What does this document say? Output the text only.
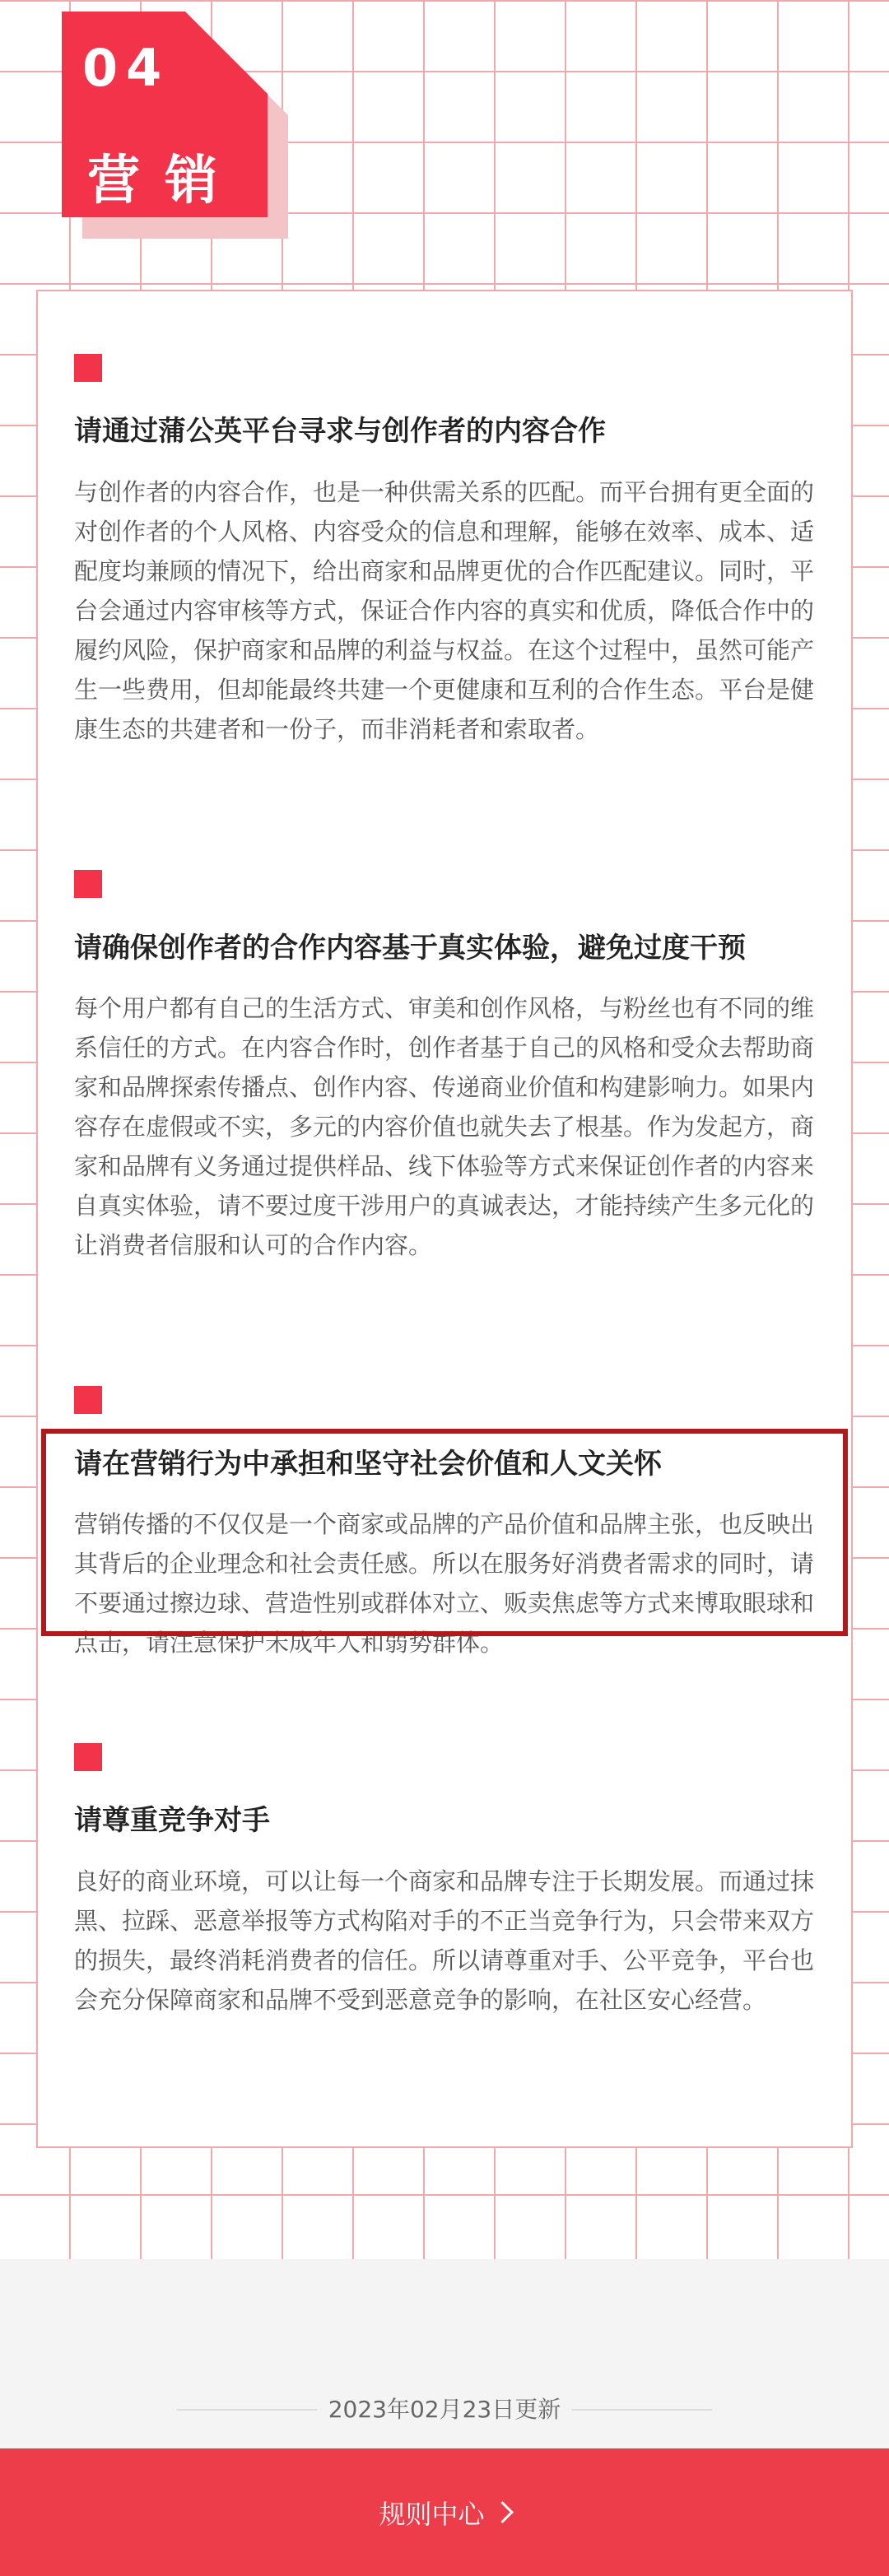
04
营销
请通过蒲公英平台寻求与创作者的内容合作

与创作者的内容合作，也是一种供需关系的匹配。而平台拥有更全面的对创作者的个人风格、内容受众的信息和理解，能够在效率、成本、适配度均兼顾的情况下，给出商家和品牌更优的合作匹配建议。同时，平台会通过内容审核等方式，保证合作内容的真实和优质，降低合作中的履约风险，保护商家和品牌的利益与权益。在这个过程中，虽然可能产生一些费用，但却能最终共建一个更健康和互利的合作生态。平台是健康生态的共建者和一份子，而非消耗者和索取者。

请确保创作者的合作内容基于真实体验，避免过度干预

每个用户都有自己的生活方式、审美和创作风格，与粉丝也有不同的维系信任的方式。在内容合作时，创作者基于自己的风格和受众去帮助商家和品牌探索传播点、创作内容、传递商业价值和构建影响力。如果内容存在虚假或不实，多元的内容价值也就失去了根基。作为发起方，商家和品牌有义务通过提供样品、线下体验等方式来保证创作者的内容来自真实体验，请不要过度干涉用户的真诚表达，才能持续产生多元化的让消费者信服和认可的合作内容。

请在营销行为中承担和坚守社会价值和人文关怀

营销传播的不仅仅是一个商家或品牌的产品价值和品牌主张，也反映出其背后的企业理念和社会责任感。所以在服务好消费者需求的同时，请不要通过擦边球、营造性别或群体对立、贩卖焦虑等方式来博取眼球和点击，请注意保护未成年人和弱势群体。

请尊重竞争对手

良好的商业环境，可以让每一个商家和品牌专注于长期发展。而通过抹黑、拉踩、恶意举报等方式构陷对手的不正当竞争行为，只会带来双方的损失，最终消耗消费者的信任。所以请尊重对手、公平竞争，平台也会充分保障商家和品牌不受到恶意竞争的影响，在社区安心经营。

2023年02月23日更新
规则中心
